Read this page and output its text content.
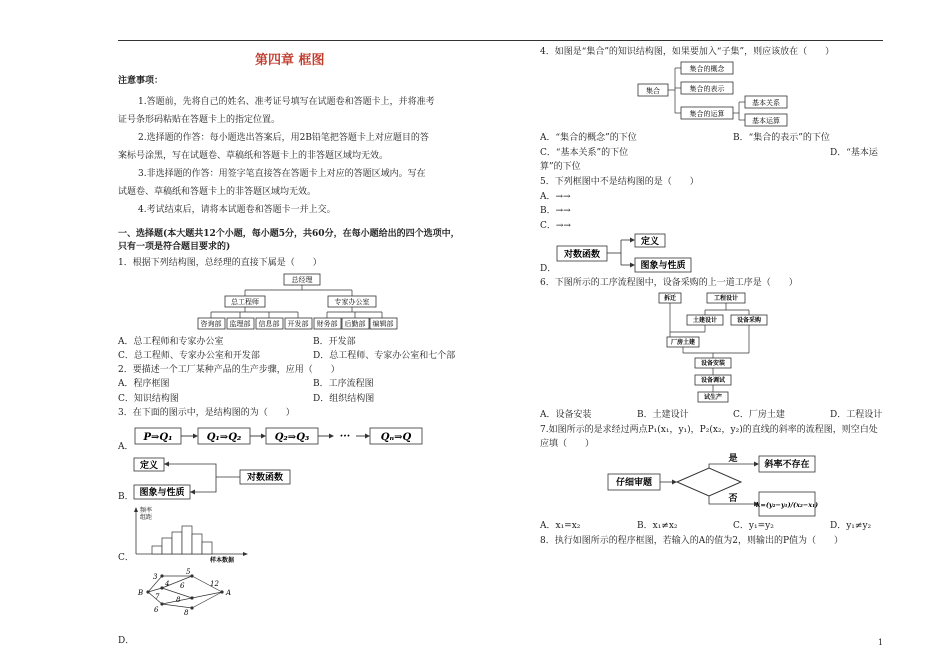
第四章 框图
注意事项：
1.答题前，先将自己的姓名、准考证号填写在试题卷和答题卡上，并将准考
证号条形码粘贴在答题卡上的指定位置。
2.选择题的作答：每小题选出答案后，用2B铅笔把答题卡上对应题目的答
案标号涂黑，写在试题卷、草稿纸和答题卡上的非答题区域均无效。
3.非选择题的作答：用签字笔直接答在答题卡上对应的答题区域内。写在
试题卷、草稿纸和答题卡上的非答题区域均无效。
4.考试结束后，请将本试题卷和答题卡一并上交。
一、选择题(本大题共12个小题，每小题5分，共60分，在每小题给出的四个选项中，
只有一项是符合题目要求的)
1．根据下列结构图，总经理的直接下属是（　　）
总经理
总工程师	专家办公室
咨询部 监理部 信息部 开发部 财务部 后勤部 编辑部
A．总工程师和专家办公室	B．开发部
C．总工程师、专家办公室和开发部	D．总工程师、专家办公室和七个部
2．要描述一个工厂某种产品的生产步骤，应用（　　）
A．程序框图	B．工序流程图
C．知识结构图	D．组织结构图
3．在下面的图示中，是结构图的为（　　）
A．
P⇒Q₁	Q₁⇒Q₂	Q₂⇒Q₃	···	Qₙ⇒Q
B．
定义
对数函数
图象与性质
C．
频率
组距
样本数据
D．
B	A
3
5
4 6	12
7 8
6	8
4．如图是“集合”的知识结构图，如果要加入“子集”，则应该放在（　　）
集合
集合的概念
集合的表示
集合的运算
基本关系
基本运算
A．“集合的概念”的下位	B．“集合的表示”的下位
C．“基本关系”的下位	D．“基本运
算”的下位
5．下列框图中不是结构图的是（　　）
A．→→
B．→→
C．→→
D．
对数函数
定义
图象与性质
6．下图所示的工序流程图中，设备采购的上一道工序是（　　）
拆迁	工程设计
土建设计	设备采购
厂房土建
设备安装
设备调试
试生产
A．设备安装	B．土建设计	C．厂房土建	D．工程设计
7.如图所示的是求经过两点P₁(x₁，y₁)，P₂(x₂，y₂)的直线的斜率的流程图，则空白处
应填（　　）
仔细审题
是
斜率不存在
否
k=(y₂−y₁)/(x₂−x₁)
A．x₁=x₂	B．x₁≠x₂	C．y₁=y₂	D．y₁≠y₂
8．执行如图所示的程序框图，若输入的A的值为2，则输出的P值为（　　）
1
